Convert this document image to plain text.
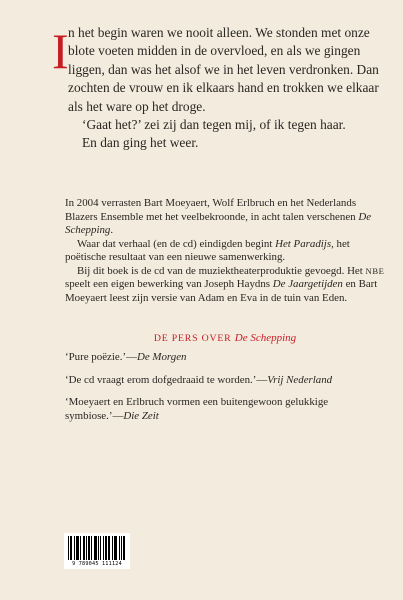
I n het begin waren we nooit alleen. We stonden met onze blote voeten midden in de overvloed, en als we gingen liggen, dan was het alsof we in het leven verdronken. Dan zochten de vrouw en ik elkaars hand en trokken we elkaar als het ware op het droge.

‘Gaat het?’ zei zij dan tegen mij, of ik tegen haar.

En dan ging het weer.

In 2004 verrasten Bart Moeyaert, Wolf Erlbruch en het Nederlands Blazers Ensemble met het veelbekroonde, in acht talen verschenen De Schepping.

Waar dat verhaal (en de cd) eindigden begint Het Paradijs, het poëtische resultaat van een nieuwe samenwerking.

Bij dit boek is de cd van de muziektheaterproduktie gevoegd. Het NBE speelt een eigen bewerking van Joseph Haydns De Jaargetijden en Bart Moeyaert leest zijn versie van Adam en Eva in de tuin van Eden.

DE PERS OVER De Schepping

‘Pure poëzie.’—De Morgen

‘De cd vraagt erom dofgedraaid te worden.’—Vrij Nederland

‘Moeyaert en Erlbruch vormen een buitengewoon gelukkige symbiose.’—Die Zeit

9 789045 111124
